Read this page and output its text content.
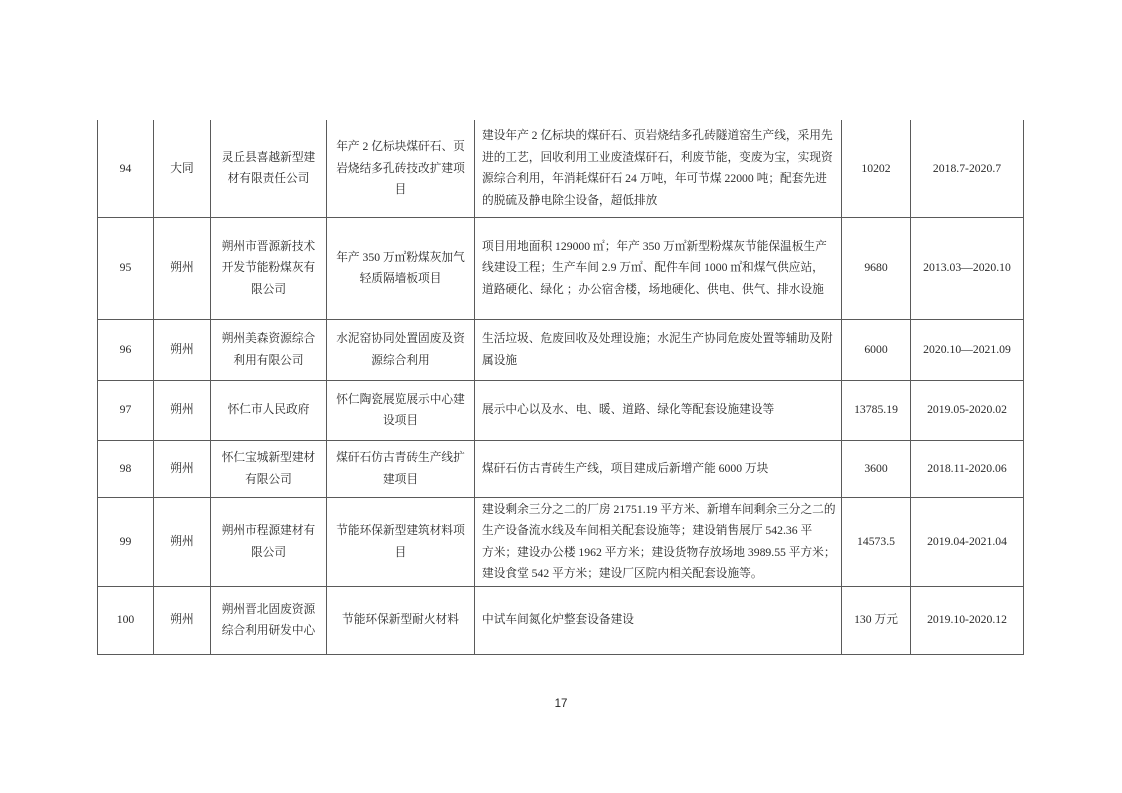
94	大同	灵丘县喜越新型建
材有限责任公司	年产 2 亿标块煤矸石、页
岩烧结多孔砖技改扩建项
目	建设年产 2 亿标块的煤矸石、页岩烧结多孔砖隧道窑生产线，采用先
进的工艺，回收利用工业废渣煤矸石，利废节能，变废为宝，实现资
源综合利用，年消耗煤矸石 24 万吨，年可节煤 22000 吨；配套先进
的脱硫及静电除尘设备，超低排放	10202	2018.7-2020.7
95	朔州	朔州市晋源新技术
开发节能粉煤灰有
限公司	年产 350 万㎡粉煤灰加气
轻质隔墙板项目	项目用地面积 129000 ㎡；年产 350 万㎡新型粉煤灰节能保温板生产
线建设工程；生产车间 2.9 万㎡、配件车间 1000 ㎡和煤气供应站，
道路硬化、绿化 ；办公宿舍楼，场地硬化、供电、供气、排水设施	9680	2013.03—2020.10
96	朔州	朔州美森资源综合
利用有限公司	水泥窑协同处置固废及资
源综合利用	生活垃圾、危废回收及处理设施；水泥生产协同危废处置等辅助及附
属设施	6000	2020.10—2021.09
97	朔州	怀仁市人民政府	怀仁陶瓷展览展示中心建
设项目	展示中心以及水、电、暖、道路、绿化等配套设施建设等	13785.19	2019.05-2020.02
98	朔州	怀仁宝城新型建材
有限公司	煤矸石仿古青砖生产线扩
建项目	煤矸石仿古青砖生产线，项目建成后新增产能 6000 万块	3600	2018.11-2020.06
99	朔州	朔州市程源建材有
限公司	节能环保新型建筑材料项
目	建设剩余三分之二的厂房 21751.19 平方米、新增车间剩余三分之二的
生产设备流水线及车间相关配套设施等；建设销售展厅 542.36 平
方米；建设办公楼 1962 平方米；建设货物存放场地 3989.55 平方米；
建设食堂 542 平方米；建设厂区院内相关配套设施等。	14573.5	2019.04-2021.04
100	朔州	朔州晋北固废资源
综合利用研发中心	节能环保新型耐火材料	中试车间氮化炉整套设备建设	130 万元	2019.10-2020.12
17
